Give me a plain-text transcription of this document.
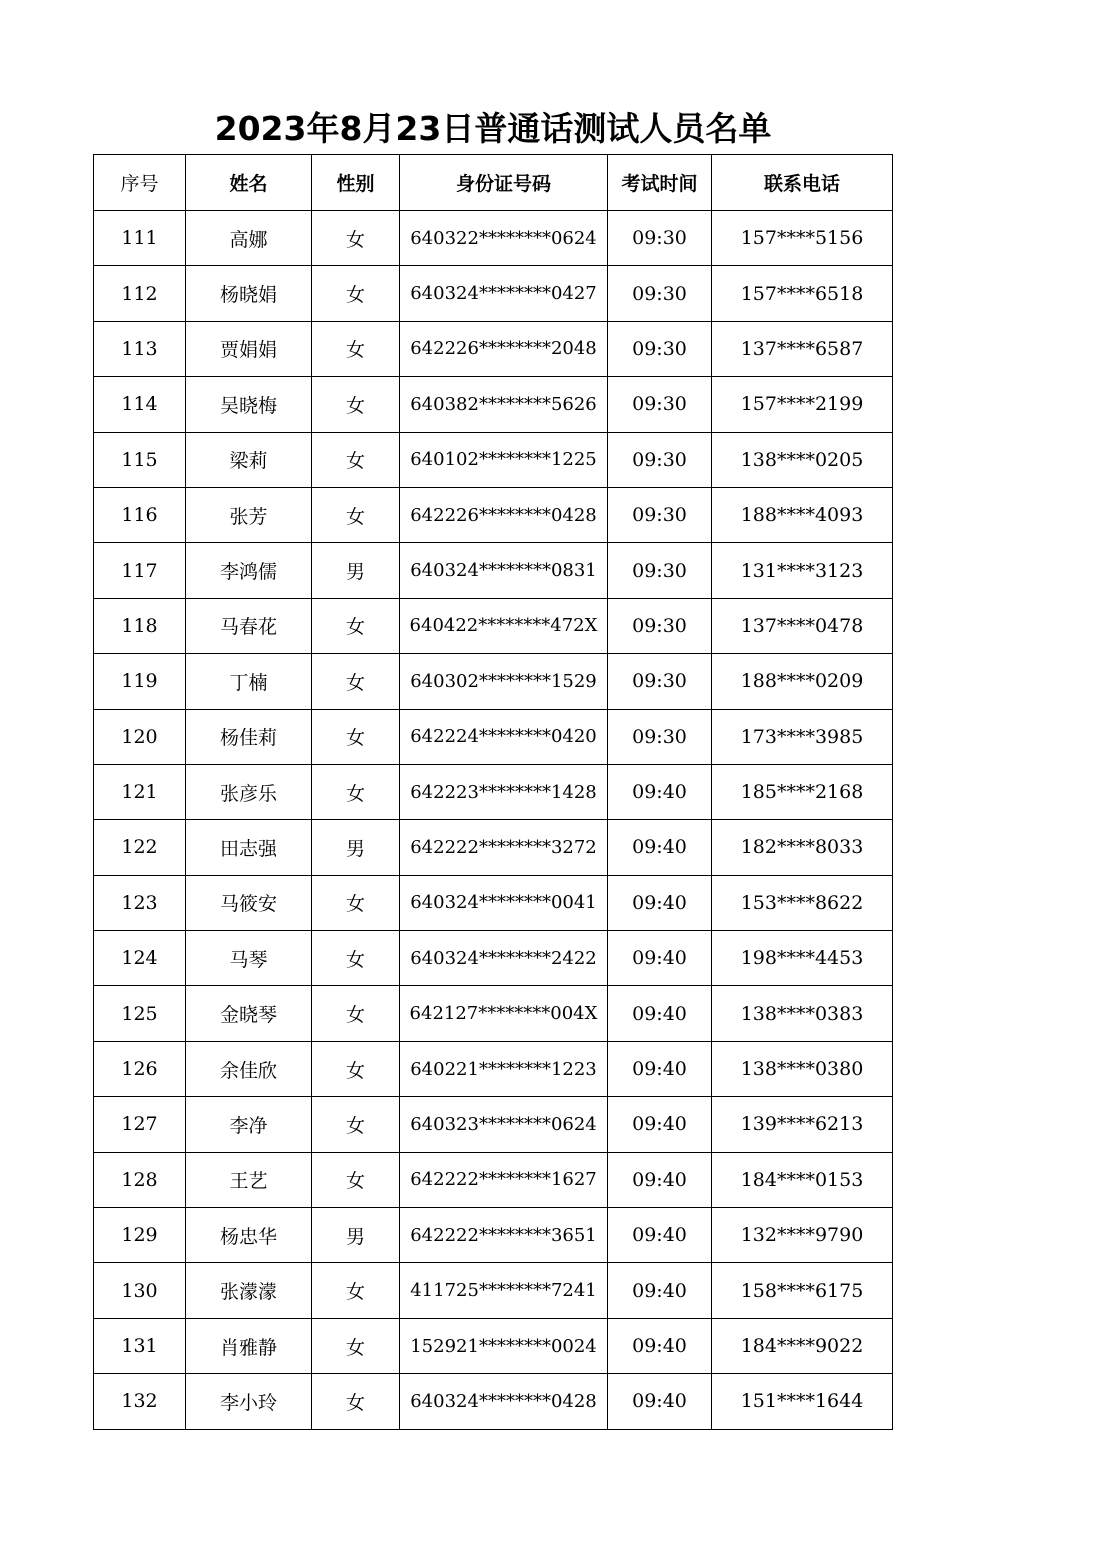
2023年8月23日普通话测试人员名单
序号	姓名	性别	身份证号码	考试时间	联系电话
111	高娜	女	640322********0624	09:30	157****5156
112	杨晓娟	女	640324********0427	09:30	157****6518
113	贾娟娟	女	642226********2048	09:30	137****6587
114	吴晓梅	女	640382********5626	09:30	157****2199
115	梁莉	女	640102********1225	09:30	138****0205
116	张芳	女	642226********0428	09:30	188****4093
117	李鸿儒	男	640324********0831	09:30	131****3123
118	马春花	女	640422********472X	09:30	137****0478
119	丁楠	女	640302********1529	09:30	188****0209
120	杨佳莉	女	642224********0420	09:30	173****3985
121	张彦乐	女	642223********1428	09:40	185****2168
122	田志强	男	642222********3272	09:40	182****8033
123	马筱安	女	640324********0041	09:40	153****8622
124	马琴	女	640324********2422	09:40	198****4453
125	金晓琴	女	642127********004X	09:40	138****0383
126	余佳欣	女	640221********1223	09:40	138****0380
127	李净	女	640323********0624	09:40	139****6213
128	王艺	女	642222********1627	09:40	184****0153
129	杨忠华	男	642222********3651	09:40	132****9790
130	张濛濛	女	411725********7241	09:40	158****6175
131	肖雅静	女	152921********0024	09:40	184****9022
132	李小玲	女	640324********0428	09:40	151****1644
